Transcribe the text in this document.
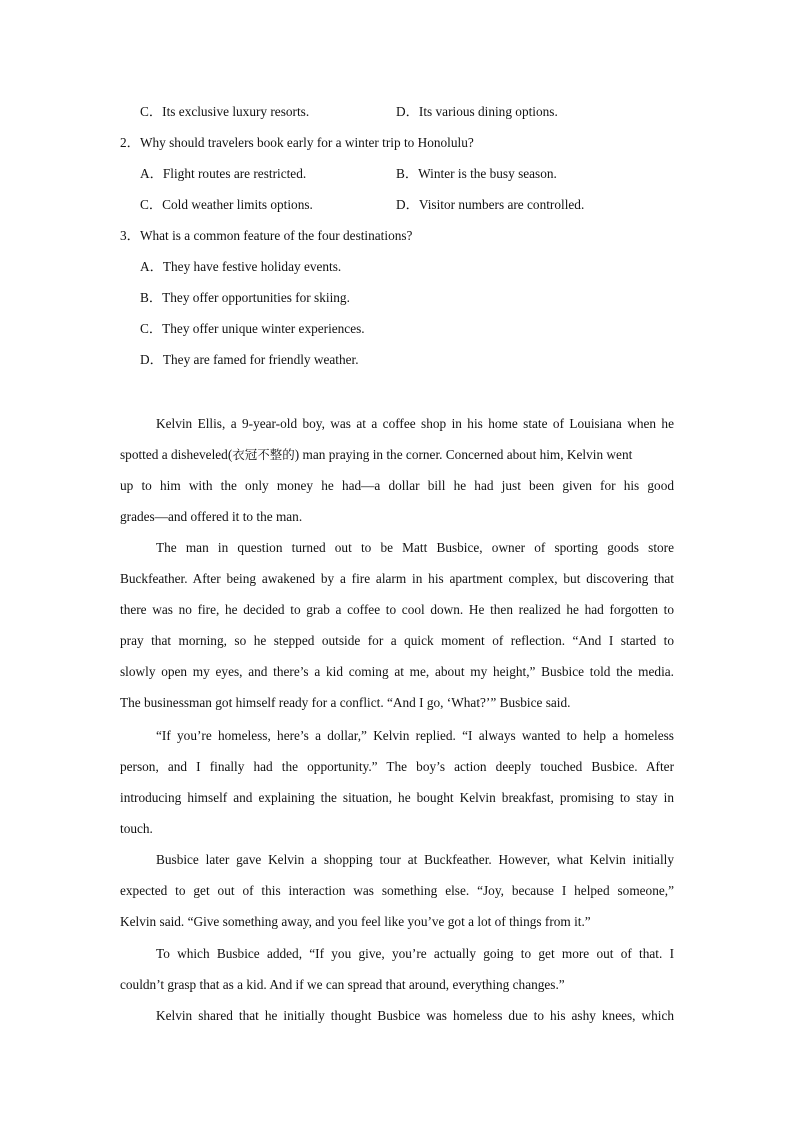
C．Its exclusive luxury resorts.	D．Its various dining options.
2．Why should travelers book early for a winter trip to Honolulu?
A．Flight routes are restricted.	B．Winter is the busy season.
C．Cold weather limits options.	D．Visitor numbers are controlled.
3．What is a common feature of the four destinations?
A．They have festive holiday events.
B．They offer opportunities for skiing.
C．They offer unique winter experiences.
D．They are famed for friendly weather.
Kelvin Ellis, a 9-year-old boy, was at a coffee shop in his home state of Louisiana when he
spotted a disheveled(衣冠不整的) man praying in the corner. Concerned about him, Kelvin went
up to him with the only money he had—a dollar bill he had just been given for his good
grades—and offered it to the man.
The man in question turned out to be Matt Busbice, owner of sporting goods store
Buckfeather. After being awakened by a fire alarm in his apartment complex, but discovering that
there was no fire, he decided to grab a coffee to cool down. He then realized he had forgotten to
pray that morning, so he stepped outside for a quick moment of reflection. “And I started to
slowly open my eyes, and there’s a kid coming at me, about my height,” Busbice told the media.
The businessman got himself ready for a conflict. “And I go, ‘What?’” Busbice said.
“If you’re homeless, here’s a dollar,” Kelvin replied. “I always wanted to help a homeless
person, and I finally had the opportunity.” The boy’s action deeply touched Busbice. After
introducing himself and explaining the situation, he bought Kelvin breakfast, promising to stay in
touch.
Busbice later gave Kelvin a shopping tour at Buckfeather. However, what Kelvin initially
expected to get out of this interaction was something else. “Joy, because I helped someone,”
Kelvin said. “Give something away, and you feel like you’ve got a lot of things from it.”
To which Busbice added, “If you give, you’re actually going to get more out of that. I
couldn’t grasp that as a kid. And if we can spread that around, everything changes.”
Kelvin shared that he initially thought Busbice was homeless due to his ashy knees, which
